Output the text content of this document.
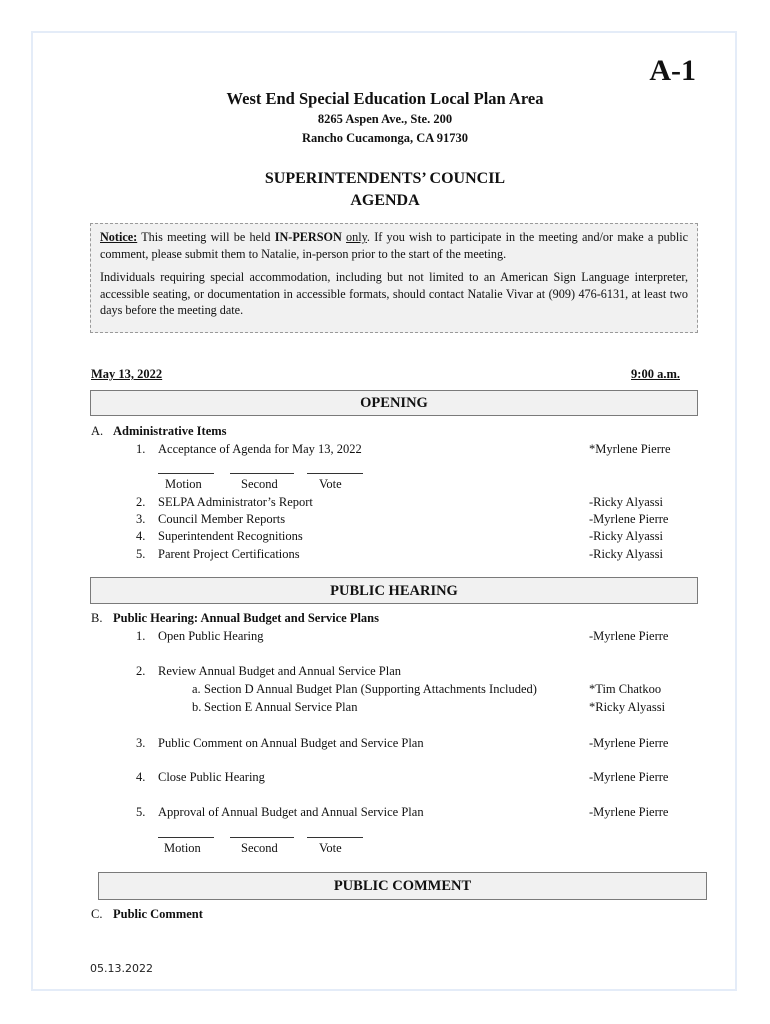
A-1
West End Special Education Local Plan Area
8265 Aspen Ave., Ste. 200
Rancho Cucamonga, CA 91730
SUPERINTENDENTS’ COUNCIL
AGENDA

Notice: This meeting will be held IN-PERSON only. If you wish to participate in the meeting and/or make a public comment, please submit them to Natalie, in-person prior to the start of the meeting.

Individuals requiring special accommodation, including but not limited to an American Sign Language interpreter, accessible seating, or documentation in accessible formats, should contact Natalie Vivar at (909) 476-6131, at least two days before the meeting date.

May 13, 2022	9:00 a.m.
OPENING
A. Administrative Items
1. Acceptance of Agenda for May 13, 2022	*Myrlene Pierre
Motion	Second	Vote
2. SELPA Administrator’s Report	-Ricky Alyassi
3. Council Member Reports	-Myrlene Pierre
4. Superintendent Recognitions	-Ricky Alyassi
5. Parent Project Certifications	-Ricky Alyassi
PUBLIC HEARING
B. Public Hearing: Annual Budget and Service Plans
1. Open Public Hearing	-Myrlene Pierre
2. Review Annual Budget and Annual Service Plan
a. Section D Annual Budget Plan (Supporting Attachments Included)	*Tim Chatkoo
b. Section E Annual Service Plan	*Ricky Alyassi
3. Public Comment on Annual Budget and Service Plan	-Myrlene Pierre
4. Close Public Hearing	-Myrlene Pierre
5. Approval of Annual Budget and Annual Service Plan	-Myrlene Pierre
Motion	Second	Vote
PUBLIC COMMENT
C. Public Comment
05.13.2022
